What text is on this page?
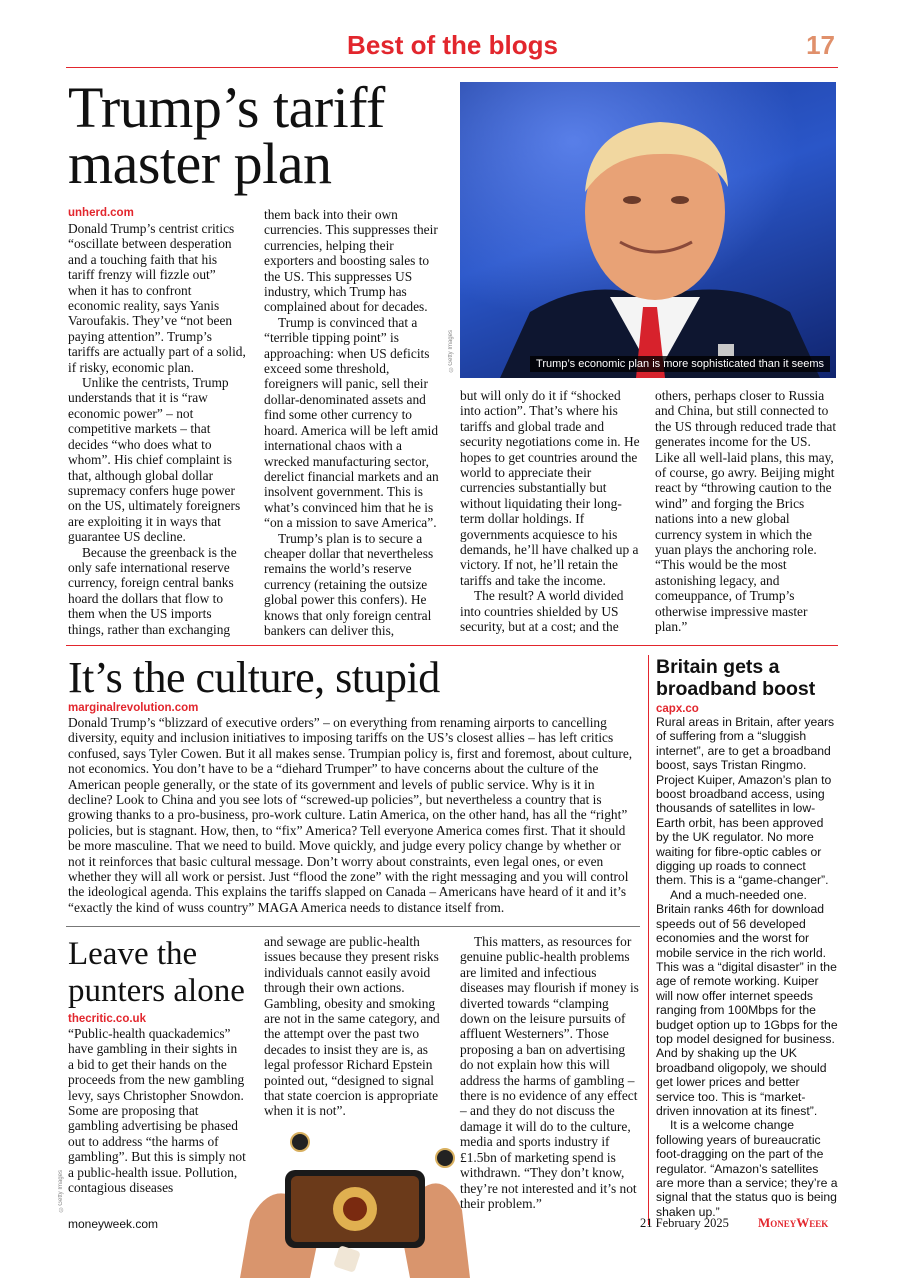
Best of the blogs	17
Trump’s tariff
master plan
unherd.com

Donald Trump’s centrist critics “oscillate between desperation and a touching faith that his tariff frenzy will fizzle out” when it has to confront economic reality, says Yanis Varoufakis. They’ve “not been paying attention”. Trump’s tariffs are actually part of a solid, if risky, economic plan.

Unlike the centrists, Trump understands that it is “raw economic power” – not competitive markets – that decides “who does what to whom”. His chief complaint is that, although global dollar supremacy confers huge power on the US, ultimately foreigners are exploiting it in ways that guarantee US decline.

Because the greenback is the only safe international reserve currency, foreign central banks hoard the dollars that flow to them when the US imports things, rather than exchanging

them back into their own currencies. This suppresses their currencies, helping their exporters and boosting sales to the US. This suppresses US industry, which Trump has complained about for decades.

Trump is convinced that a “terrible tipping point” is approaching: when US deficits exceed some threshold, foreigners will panic, sell their dollar-denominated assets and find some other currency to hoard. America will be left amid international chaos with a wrecked manufacturing sector, derelict financial markets and an insolvent government. This is what’s convinced him that he is “on a mission to save America”.

Trump’s plan is to secure a cheaper dollar that nevertheless remains the world’s reserve currency (retaining the outsize global power this confers). He knows that only foreign central bankers can deliver this,

Trump’s economic plan is more sophisticated than it seems
©Getty Images

but will only do it if “shocked into action”. That’s where his tariffs and global trade and security negotiations come in. He hopes to get countries around the world to appreciate their currencies substantially but without liquidating their long-term dollar holdings. If governments acquiesce to his demands, he’ll have chalked up a victory. If not, he’ll retain the tariffs and take the income.

The result? A world divided into countries shielded by US security, but at a cost; and the

others, perhaps closer to Russia and China, but still connected to the US through reduced trade that generates income for the US. Like all well-laid plans, this may, of course, go awry. Beijing might react by “throwing caution to the wind” and forging the Brics nations into a new global currency system in which the yuan plays the anchoring role. “This would be the most astonishing legacy, and comeuppance, of Trump’s otherwise impressive master plan.”

It’s the culture, stupid
marginalrevolution.com

Donald Trump’s “blizzard of executive orders” – on everything from renaming airports to cancelling diversity, equity and inclusion initiatives to imposing tariffs on the US’s closest allies – has left critics confused, says Tyler Cowen. But it all makes sense. Trumpian policy is, first and foremost, about culture, not economics. You don’t have to be a “diehard Trumper” to have concerns about the culture of the American people generally, or the state of its government and levels of public service. Why is it in decline? Look to China and you see lots of “screwed-up policies”, but nevertheless a country that is growing thanks to a pro-business, pro-work culture. Latin America, on the other hand, has all the “right” policies, but is stagnant. How, then, to “fix” America? Tell everyone America comes first. That it should be more masculine. That we need to build. Move quickly, and judge every policy change by whether or not it reinforces that basic cultural message. Don’t worry about constraints, even legal ones, or even whether they will all work or persist. Just “flood the zone” with the right messaging and you will control the ideological agenda. This explains the tariffs slapped on Canada – Americans have heard of it and it’s “exactly the kind of wuss country” MAGA America needs to distance itself from.

Leave the
punters alone
thecritic.co.uk

“Public-health quackademics” have gambling in their sights in a bid to get their hands on the proceeds from the new gambling levy, says Christopher Snowdon. Some are proposing that gambling advertising be phased out to address “the harms of gambling”. But this is simply not a public-health issue. Pollution, contagious diseases

and sewage are public-health issues because they present risks individuals cannot easily avoid through their own actions. Gambling, obesity and smoking are not in the same category, and the attempt over the past two decades to insist they are is, as legal professor Richard Epstein pointed out, “designed to signal that state coercion is appropriate when it is not”.

This matters, as resources for genuine public-health problems are limited and infectious diseases may flourish if money is diverted towards “clamping down on the leisure pursuits of affluent Westerners”. Those proposing a ban on advertising do not explain how this will address the harms of gambling – there is no evidence of any effect – and they do not discuss the damage it will do to the culture, media and sports industry if £1.5bn of marketing spend is withdrawn. “They don’t know, they’re not interested and it’s not their problem.”

©Getty Images
Britain gets a
broadband boost
capx.co

Rural areas in Britain, after years of suffering from a “sluggish internet”, are to get a broadband boost, says Tristan Ringmo. Project Kuiper, Amazon’s plan to boost broadband access, using thousands of satellites in low-Earth orbit, has been approved by the UK regulator. No more waiting for fibre-optic cables or digging up roads to connect them. This is a “game-changer”.

And a much-needed one. Britain ranks 46th for download speeds out of 56 developed economies and the worst for mobile service in the rich world. This was a “digital disaster” in the age of remote working. Kuiper will now offer internet speeds ranging from 100Mbps for the budget option up to 1Gbps for the top model designed for business. And by shaking up the UK broadband oligopoly, we should get lower prices and better service too. This is “market-driven innovation at its finest”.

It is a welcome change following years of bureaucratic foot-dragging on the part of the regulator. “Amazon’s satellites are more than a service; they’re a signal that the status quo is being shaken up.”

moneyweek.com	21 February 2025 MoneyWeek
